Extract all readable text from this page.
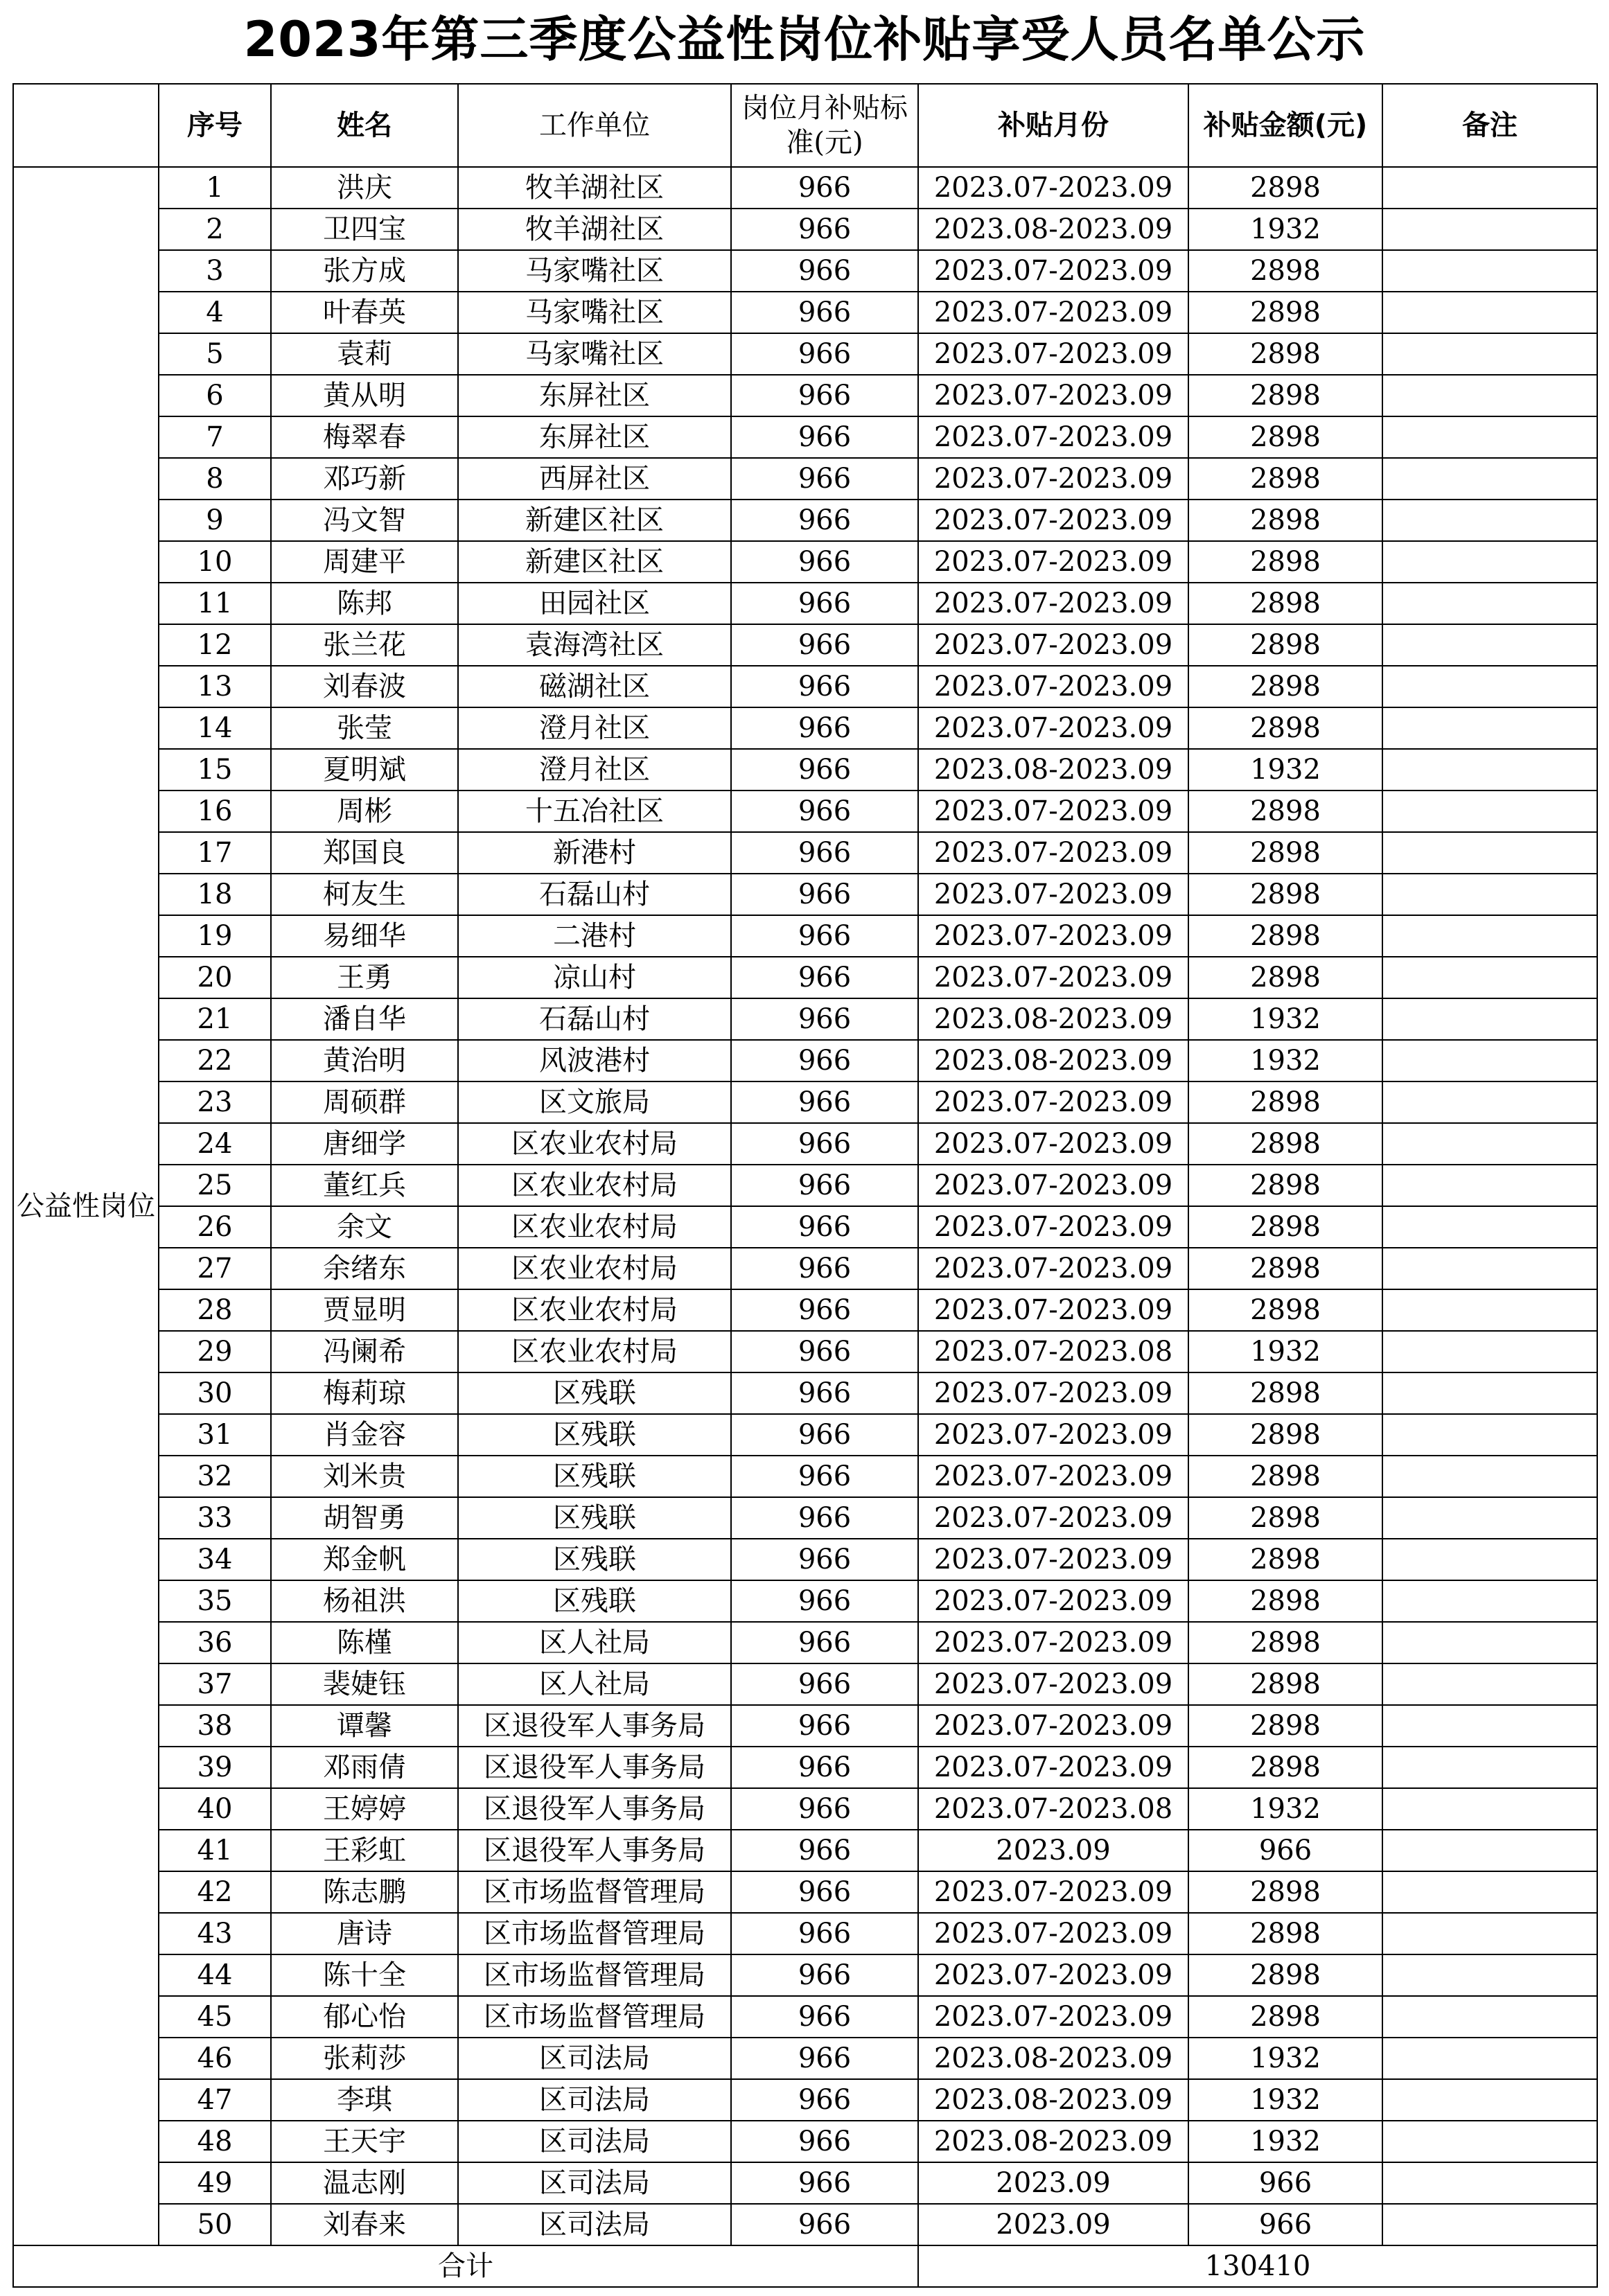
2023年第三季度公益性岗位补贴享受人员名单公示
	序号	姓名	工作单位	岗位月补贴标准(元)	补贴月份	补贴金额(元)	备注
公益性岗位	1	洪庆	牧羊湖社区	966	2023.07-2023.09	2898	
	2	卫四宝	牧羊湖社区	966	2023.08-2023.09	1932	
	3	张方成	马家嘴社区	966	2023.07-2023.09	2898	
	4	叶春英	马家嘴社区	966	2023.07-2023.09	2898	
	5	袁莉	马家嘴社区	966	2023.07-2023.09	2898	
	6	黄从明	东屏社区	966	2023.07-2023.09	2898	
	7	梅翠春	东屏社区	966	2023.07-2023.09	2898	
	8	邓巧新	西屏社区	966	2023.07-2023.09	2898	
	9	冯文智	新建区社区	966	2023.07-2023.09	2898	
	10	周建平	新建区社区	966	2023.07-2023.09	2898	
	11	陈邦	田园社区	966	2023.07-2023.09	2898	
	12	张兰花	袁海湾社区	966	2023.07-2023.09	2898	
	13	刘春波	磁湖社区	966	2023.07-2023.09	2898	
	14	张莹	澄月社区	966	2023.07-2023.09	2898	
	15	夏明斌	澄月社区	966	2023.08-2023.09	1932	
	16	周彬	十五冶社区	966	2023.07-2023.09	2898	
	17	郑国良	新港村	966	2023.07-2023.09	2898	
	18	柯友生	石磊山村	966	2023.07-2023.09	2898	
	19	易细华	二港村	966	2023.07-2023.09	2898	
	20	王勇	凉山村	966	2023.07-2023.09	2898	
	21	潘自华	石磊山村	966	2023.08-2023.09	1932	
	22	黄治明	风波港村	966	2023.08-2023.09	1932	
	23	周硕群	区文旅局	966	2023.07-2023.09	2898	
	24	唐细学	区农业农村局	966	2023.07-2023.09	2898	
	25	董红兵	区农业农村局	966	2023.07-2023.09	2898	
	26	余文	区农业农村局	966	2023.07-2023.09	2898	
	27	余绪东	区农业农村局	966	2023.07-2023.09	2898	
	28	贾显明	区农业农村局	966	2023.07-2023.09	2898	
	29	冯阑希	区农业农村局	966	2023.07-2023.08	1932	
	30	梅莉琼	区残联	966	2023.07-2023.09	2898	
	31	肖金容	区残联	966	2023.07-2023.09	2898	
	32	刘米贵	区残联	966	2023.07-2023.09	2898	
	33	胡智勇	区残联	966	2023.07-2023.09	2898	
	34	郑金帆	区残联	966	2023.07-2023.09	2898	
	35	杨祖洪	区残联	966	2023.07-2023.09	2898	
	36	陈槿	区人社局	966	2023.07-2023.09	2898	
	37	裴婕钰	区人社局	966	2023.07-2023.09	2898	
	38	谭馨	区退役军人事务局	966	2023.07-2023.09	2898	
	39	邓雨倩	区退役军人事务局	966	2023.07-2023.09	2898	
	40	王婷婷	区退役军人事务局	966	2023.07-2023.08	1932	
	41	王彩虹	区退役军人事务局	966	2023.09	966	
	42	陈志鹏	区市场监督管理局	966	2023.07-2023.09	2898	
	43	唐诗	区市场监督管理局	966	2023.07-2023.09	2898	
	44	陈十全	区市场监督管理局	966	2023.07-2023.09	2898	
	45	郁心怡	区市场监督管理局	966	2023.07-2023.09	2898	
	46	张莉莎	区司法局	966	2023.08-2023.09	1932	
	47	李琪	区司法局	966	2023.08-2023.09	1932	
	48	王天宇	区司法局	966	2023.08-2023.09	1932	
	49	温志刚	区司法局	966	2023.09	966	
	50	刘春来	区司法局	966	2023.09	966	
合计					130410		
